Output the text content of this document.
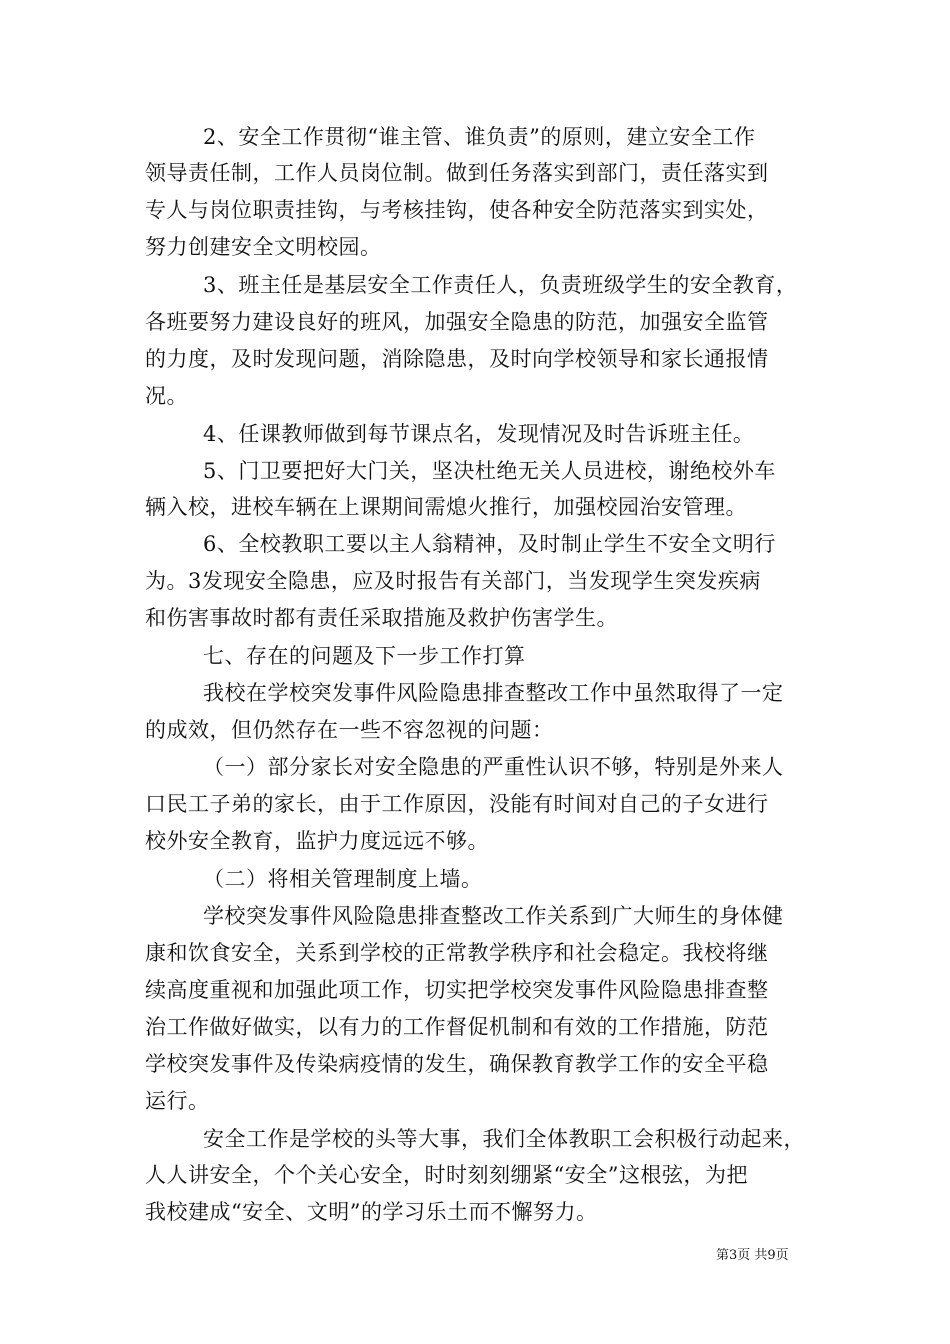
2、安全工作贯彻“谁主管、谁负责”的原则，建立安全工作
领导责任制，工作人员岗位制。做到任务落实到部门，责任落实到
专人与岗位职责挂钩，与考核挂钩，使各种安全防范落实到实处，
努力创建安全文明校园。
3、班主任是基层安全工作责任人，负责班级学生的安全教育，
各班要努力建设良好的班风，加强安全隐患的防范，加强安全监管
的力度，及时发现问题，消除隐患，及时向学校领导和家长通报情
况。
4、任课教师做到每节课点名，发现情况及时告诉班主任。
5、门卫要把好大门关，坚决杜绝无关人员进校，谢绝校外车
辆入校，进校车辆在上课期间需熄火推行，加强校园治安管理。
6、全校教职工要以主人翁精神，及时制止学生不安全文明行
为。3发现安全隐患，应及时报告有关部门，当发现学生突发疾病
和伤害事故时都有责任采取措施及救护伤害学生。
七、存在的问题及下一步工作打算
我校在学校突发事件风险隐患排查整改工作中虽然取得了一定
的成效，但仍然存在一些不容忽视的问题：
（一）部分家长对安全隐患的严重性认识不够，特别是外来人
口民工子弟的家长，由于工作原因，没能有时间对自己的子女进行
校外安全教育，监护力度远远不够。
（二）将相关管理制度上墙。
学校突发事件风险隐患排查整改工作关系到广大师生的身体健
康和饮食安全，关系到学校的正常教学秩序和社会稳定。我校将继
续高度重视和加强此项工作，切实把学校突发事件风险隐患排查整
治工作做好做实，以有力的工作督促机制和有效的工作措施，防范
学校突发事件及传染病疫情的发生，确保教育教学工作的安全平稳
运行。
安全工作是学校的头等大事，我们全体教职工会积极行动起来，
人人讲安全，个个关心安全，时时刻刻绷紧“安全”这根弦，为把
我校建成“安全、文明”的学习乐土而不懈努力。
第3页 共9页
